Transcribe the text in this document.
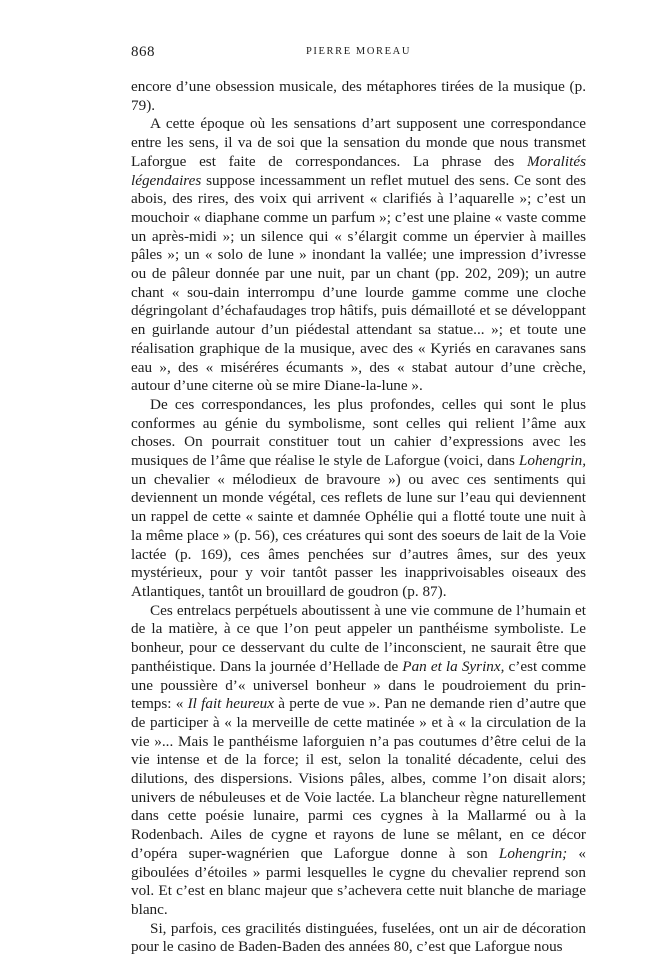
868	PIERRE MOREAU

encore d’une obsession musicale, des métaphores tirées de la musique (p. 79).

A cette époque où les sensations d’art supposent une correspondance entre les sens, il va de soi que la sensation du monde que nous transmet Laforgue est faite de correspondances. La phrase des Moralités légendaires suppose incessamment un reflet mutuel des sens. Ce sont des abois, des rires, des voix qui arrivent « clarifiés à l’aquarelle »; c’est un mouchoir « diaphane comme un parfum »; c’est une plaine « vaste comme un après-midi »; un silence qui « s’élargit comme un épervier à mailles pâles »; un « solo de lune » inondant la vallée; une impression d’ivresse ou de pâleur donnée par une nuit, par un chant (pp. 202, 209); un autre chant « sou-dain interrompu d’une lourde gamme comme une cloche dégringolant d’échafaudages trop hâtifs, puis démailloté et se développant en guirlande autour d’un piédestal attendant sa statue... »; et toute une réalisation graphique de la musique, avec des « Kyriés en caravanes sans eau », des « miséréres écumants », des « stabat autour d’une crèche, autour d’une citerne où se mire Diane-la-lune ».

De ces correspondances, les plus profondes, celles qui sont le plus conformes au génie du symbolisme, sont celles qui relient l’âme aux choses. On pourrait constituer tout un cahier d’expressions avec les musiques de l’âme que réalise le style de Laforgue (voici, dans Lohengrin, un chevalier « mélodieux de bravoure ») ou avec ces sentiments qui deviennent un monde végétal, ces reflets de lune sur l’eau qui deviennent un rappel de cette « sainte et damnée Ophélie qui a flotté toute une nuit à la même place » (p. 56), ces créatures qui sont des soeurs de lait de la Voie lactée (p. 169), ces âmes penchées sur d’autres âmes, sur des yeux mystérieux, pour y voir tantôt passer les inapprivoisables oiseaux des Atlantiques, tantôt un brouillard de goudron (p. 87).

Ces entrelacs perpétuels aboutissent à une vie commune de l’humain et de la matière, à ce que l’on peut appeler un panthéisme symboliste. Le bonheur, pour ce desservant du culte de l’inconscient, ne saurait être que panthéistique. Dans la journée d’Hellade de Pan et la Syrinx, c’est comme une poussière d’« universel bonheur » dans le poudroiement du prin-temps: « Il fait heureux à perte de vue ». Pan ne demande rien d’autre que de participer à « la merveille de cette matinée » et à « la circulation de la vie »... Mais le panthéisme laforguien n’a pas coutumes d’être celui de la vie intense et de la force; il est, selon la tonalité décadente, celui des dilutions, des dispersions. Visions pâles, albes, comme l’on disait alors; univers de nébuleuses et de Voie lactée. La blancheur règne naturellement dans cette poésie lunaire, parmi ces cygnes à la Mallarmé ou à la Rodenbach. Ailes de cygne et rayons de lune se mêlant, en ce décor d’opéra super-wagnérien que Laforgue donne à son Lohengrin; « giboulées d’étoiles » parmi lesquelles le cygne du chevalier reprend son vol. Et c’est en blanc majeur que s’achevera cette nuit blanche de mariage blanc.

Si, parfois, ces gracilités distinguées, fuselées, ont un air de décoration pour le casino de Baden-Baden des années 80, c’est que Laforgue nous
